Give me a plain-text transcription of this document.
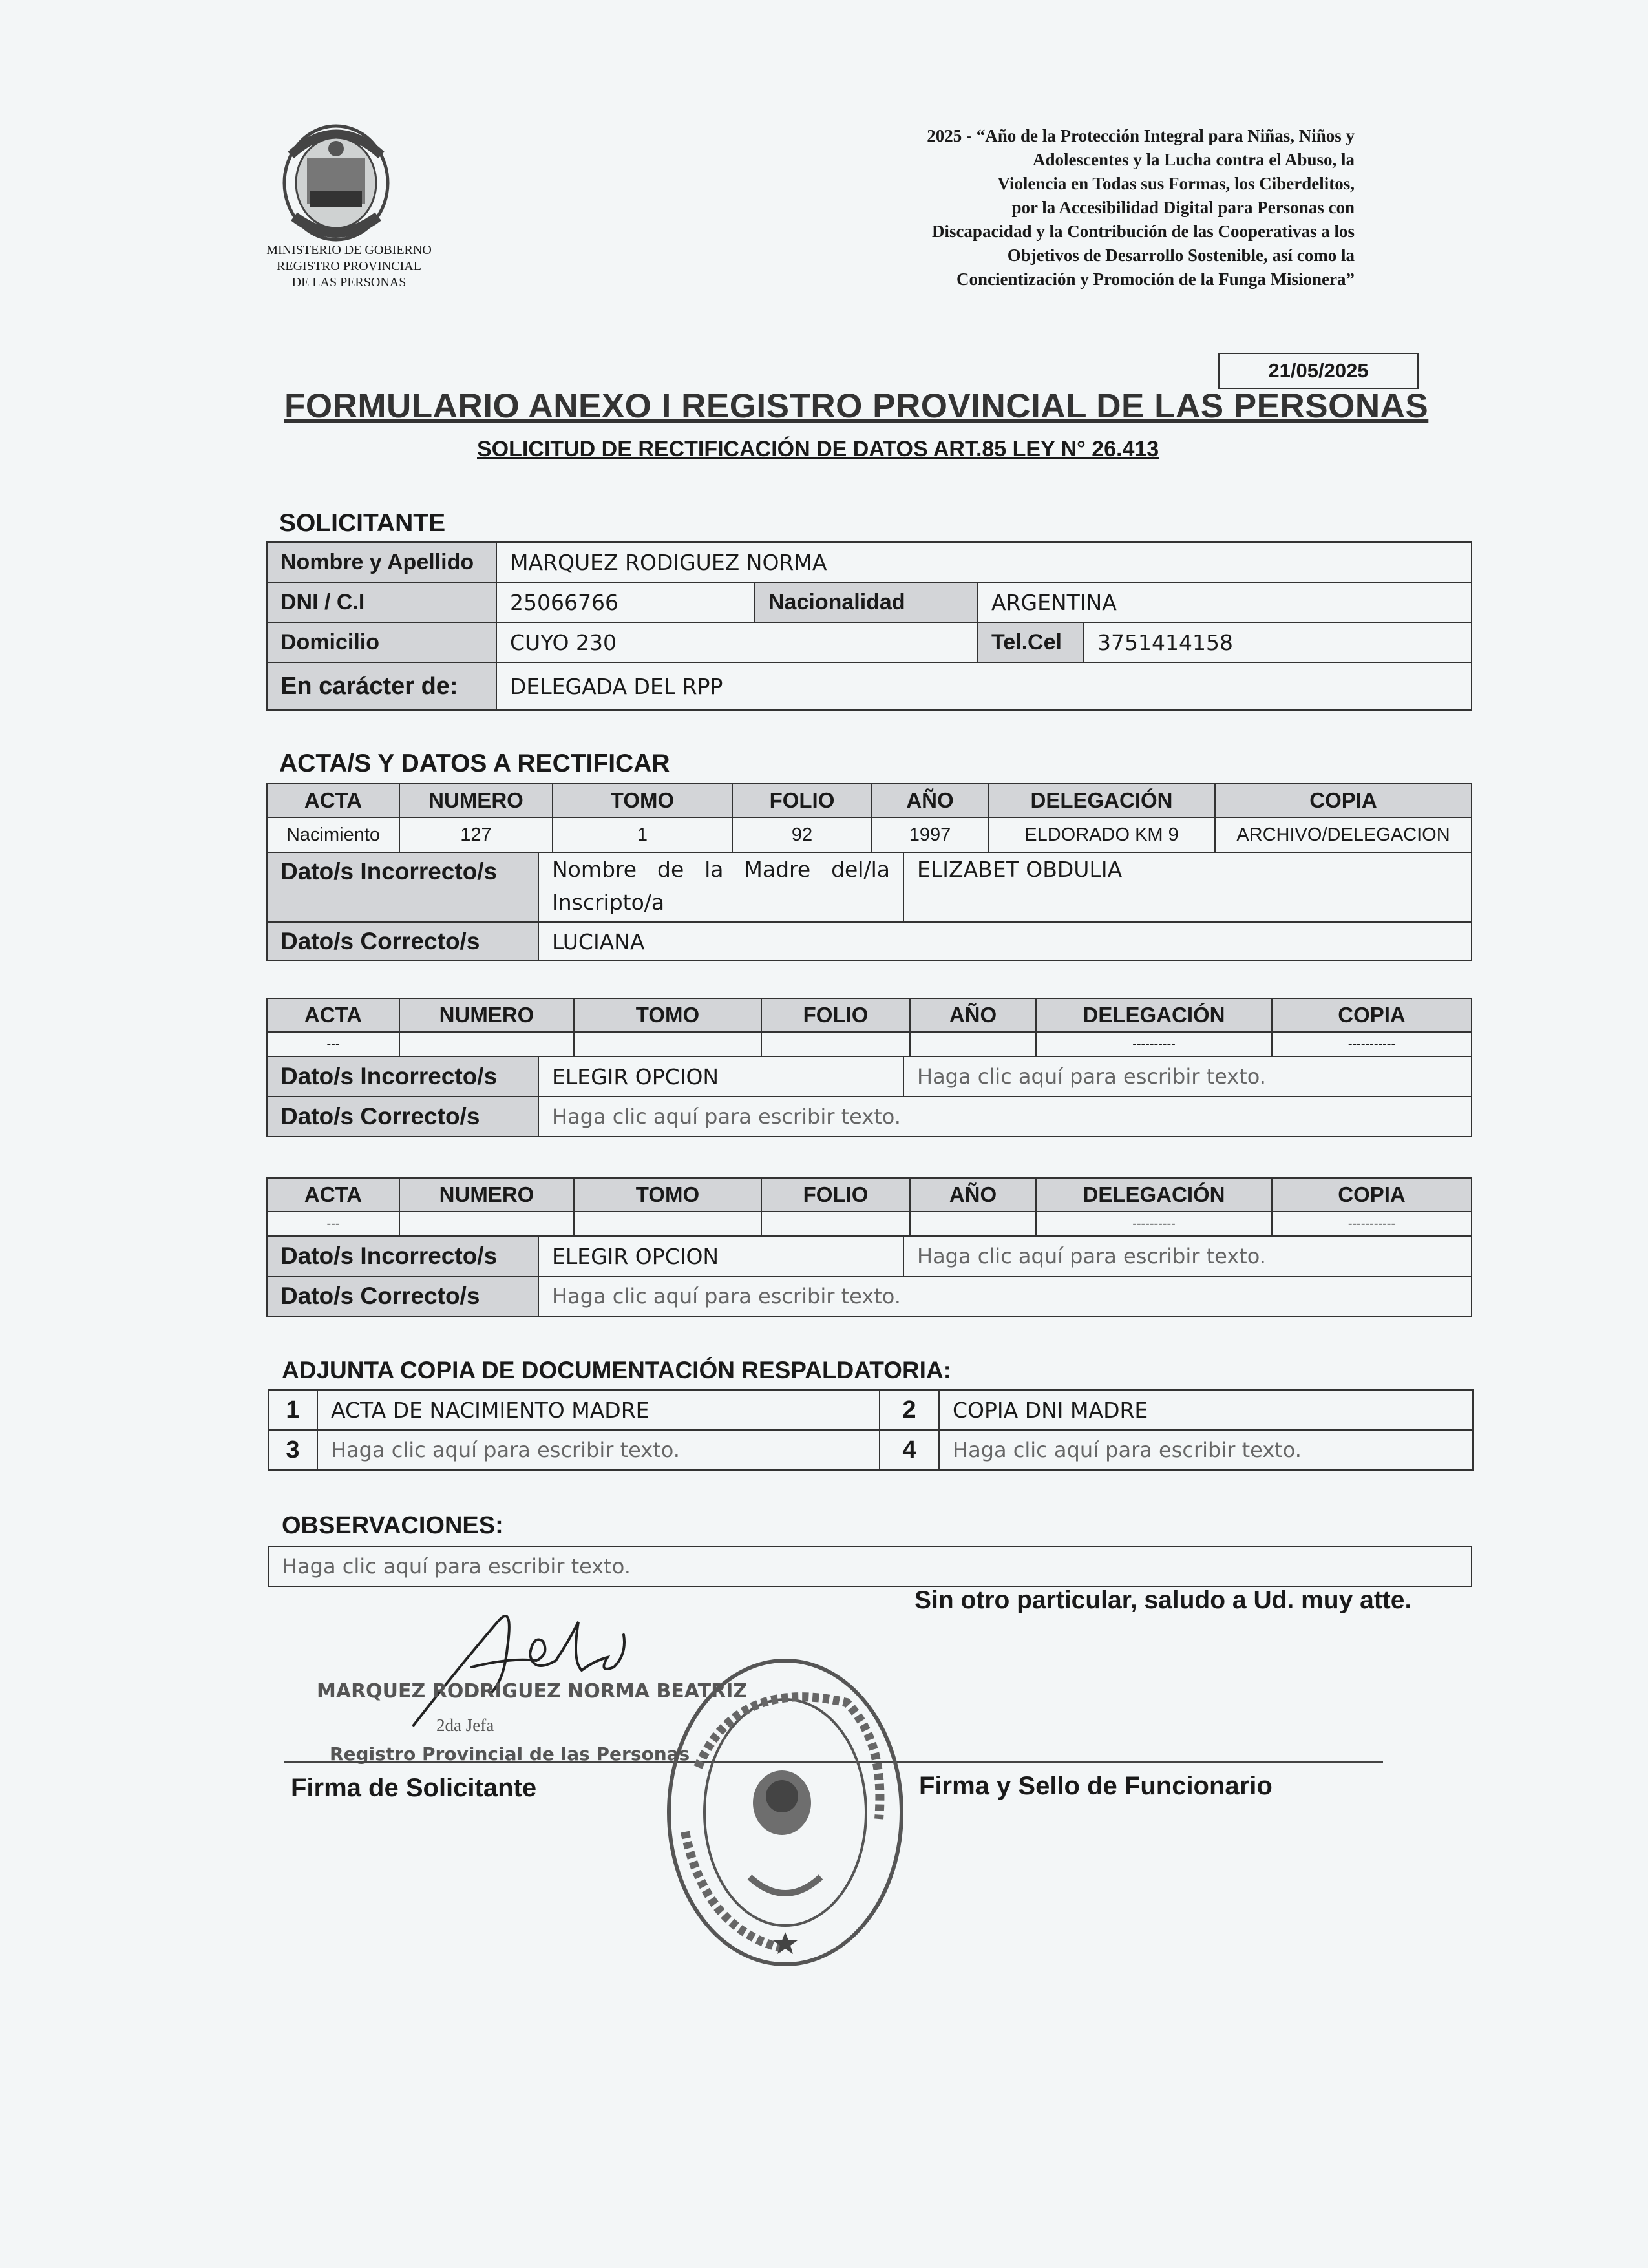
MINISTERIO DE GOBIERNO
REGISTRO PROVINCIAL
DE LAS PERSONAS
2025 - “Año de la Protección Integral para Niñas, Niños y
Adolescentes y la Lucha contra el Abuso, la
Violencia en Todas sus Formas, los Ciberdelitos,
por la Accesibilidad Digital para Personas con
Discapacidad y la Contribución de las Cooperativas a los
Objetivos de Desarrollo Sostenible, así como la
Concientización y Promoción de la Funga Misionera”
21/05/2025
FORMULARIO ANEXO I REGISTRO PROVINCIAL DE LAS PERSONAS
SOLICITUD DE RECTIFICACIÓN DE DATOS ART.85 LEY N° 26.413
SOLICITANTE
Nombre y Apellido	MARQUEZ RODIGUEZ NORMA			
DNI / C.I	25066766	Nacionalidad	ARGENTINA	
Domicilio	CUYO 230		Tel.Cel	3751414158
En carácter de:	DELEGADA DEL RPP			
ACTA/S Y DATOS A RECTIFICAR
ACTA	NUMERO	TOMO	FOLIO	AÑO	DELEGACIÓN	COPIA
Nacimiento	127	1	92	1997	ELDORADO KM 9	ARCHIVO/DELEGACION
Dato/s Incorrecto/s	Nombre de la Madre del/la Inscripto/a	ELIZABET OBDULIA
Dato/s Correcto/s	LUCIANA	
ACTA	NUMERO	TOMO	FOLIO	AÑO	DELEGACIÓN	COPIA
---					----------	-----------
Dato/s Incorrecto/s	ELEGIR OPCION	Haga clic aquí para escribir texto.
Dato/s Correcto/s	Haga clic aquí para escribir texto.	
ACTA	NUMERO	TOMO	FOLIO	AÑO	DELEGACIÓN	COPIA
---					----------	-----------
Dato/s Incorrecto/s	ELEGIR OPCION	Haga clic aquí para escribir texto.
Dato/s Correcto/s	Haga clic aquí para escribir texto.	
ADJUNTA COPIA DE DOCUMENTACIÓN RESPALDATORIA:
1	ACTA DE NACIMIENTO MADRE	2	COPIA DNI MADRE
3	Haga clic aquí para escribir texto.	4	Haga clic aquí para escribir texto.
OBSERVACIONES:
Haga clic aquí para escribir texto.
Sin otro particular, saludo a Ud. muy atte.
MARQUEZ RODRIGUEZ NORMA BEATRIZ
2da Jefa
Registro Provincial de las Personas
Firma de Solicitante	Firma y Sello de Funcionario
